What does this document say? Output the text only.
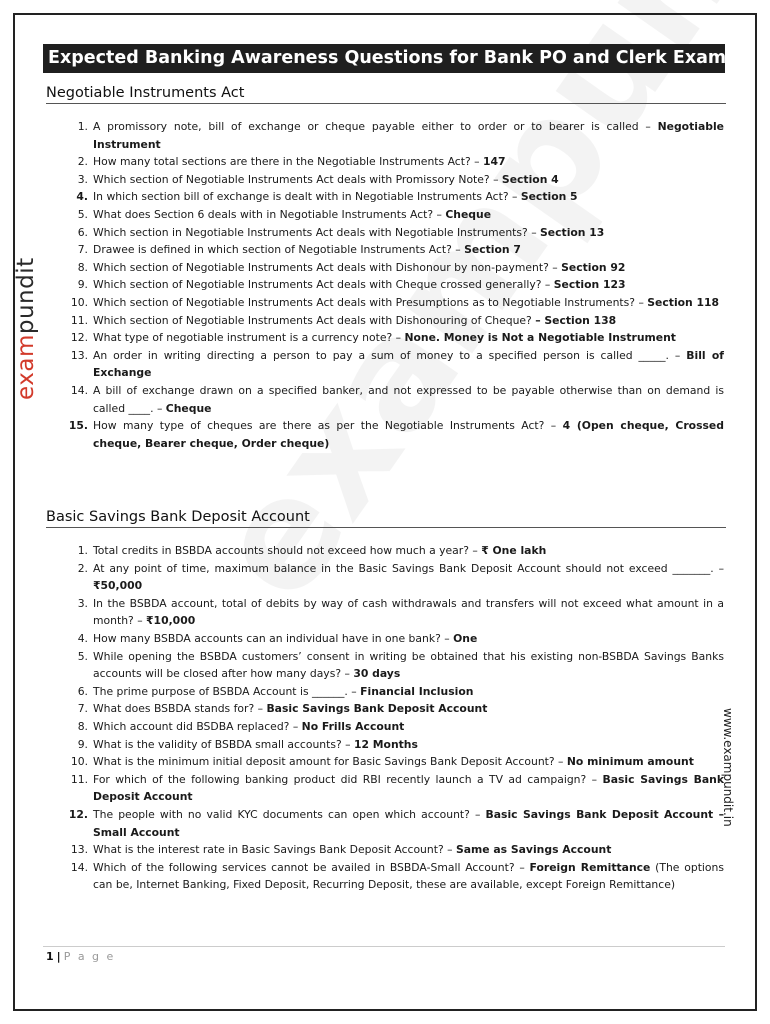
exampundit
www.exampundit.in
Expected Banking Awareness Questions for Bank PO and Clerk Exams
Negotiable Instruments Act
1. A promissory note, bill of exchange or cheque payable either to order or to bearer is called – Negotiable Instrument
2. How many total sections are there in the Negotiable Instruments Act? – 147
3. Which section of Negotiable Instruments Act deals with Promissory Note? – Section 4
4. In which section bill of exchange is dealt with in Negotiable Instruments Act? – Section 5
5. What does Section 6 deals with in Negotiable Instruments Act? – Cheque
6. Which section in Negotiable Instruments Act deals with Negotiable Instruments? – Section 13
7. Drawee is defined in which section of Negotiable Instruments Act? – Section 7
8. Which section of Negotiable Instruments Act deals with Dishonour by non-payment? – Section 92
9. Which section of Negotiable Instruments Act deals with Cheque crossed generally? – Section 123
10. Which section of Negotiable Instruments Act deals with Presumptions as to Negotiable Instruments? – Section 118
11. Which section of Negotiable Instruments Act deals with Dishonouring of Cheque? – Section 138
12. What type of negotiable instrument is a currency note? – None. Money is Not a Negotiable Instrument
13. An order in writing directing a person to pay a sum of money to a specified person is called _____. – Bill of Exchange
14. A bill of exchange drawn on a specified banker, and not expressed to be payable otherwise than on demand is called ____. – Cheque
15. How many type of cheques are there as per the Negotiable Instruments Act? – 4 (Open cheque, Crossed cheque, Bearer cheque, Order cheque)
Basic Savings Bank Deposit Account
1. Total credits in BSBDA accounts should not exceed how much a year? – ₹ One lakh
2. At any point of time, maximum balance in the Basic Savings Bank Deposit Account should not exceed _______. – ₹50,000
3. In the BSBDA account, total of debits by way of cash withdrawals and transfers will not exceed what amount in a month? – ₹10,000
4. How many BSBDA accounts can an individual have in one bank? – One
5. While opening the BSBDA customers’ consent in writing be obtained that his existing non-BSBDA Savings Banks accounts will be closed after how many days? – 30 days
6. The prime purpose of BSBDA Account is ______. – Financial Inclusion
7. What does BSBDA stands for? – Basic Savings Bank Deposit Account
8. Which account did BSDBA replaced? – No Frills Account
9. What is the validity of BSBDA small accounts? – 12 Months
10. What is the minimum initial deposit amount for Basic Savings Bank Deposit Account? – No minimum amount
11. For which of the following banking product did RBI recently launch a TV ad campaign? – Basic Savings Bank Deposit Account
12. The people with no valid KYC documents can open which account? – Basic Savings Bank Deposit Account – Small Account
13. What is the interest rate in Basic Savings Bank Deposit Account? – Same as Savings Account
14. Which of the following services cannot be availed in BSBDA-Small Account? – Foreign Remittance (The options can be, Internet Banking, Fixed Deposit, Recurring Deposit, these are available, except Foreign Remittance)
1 | P a g e
